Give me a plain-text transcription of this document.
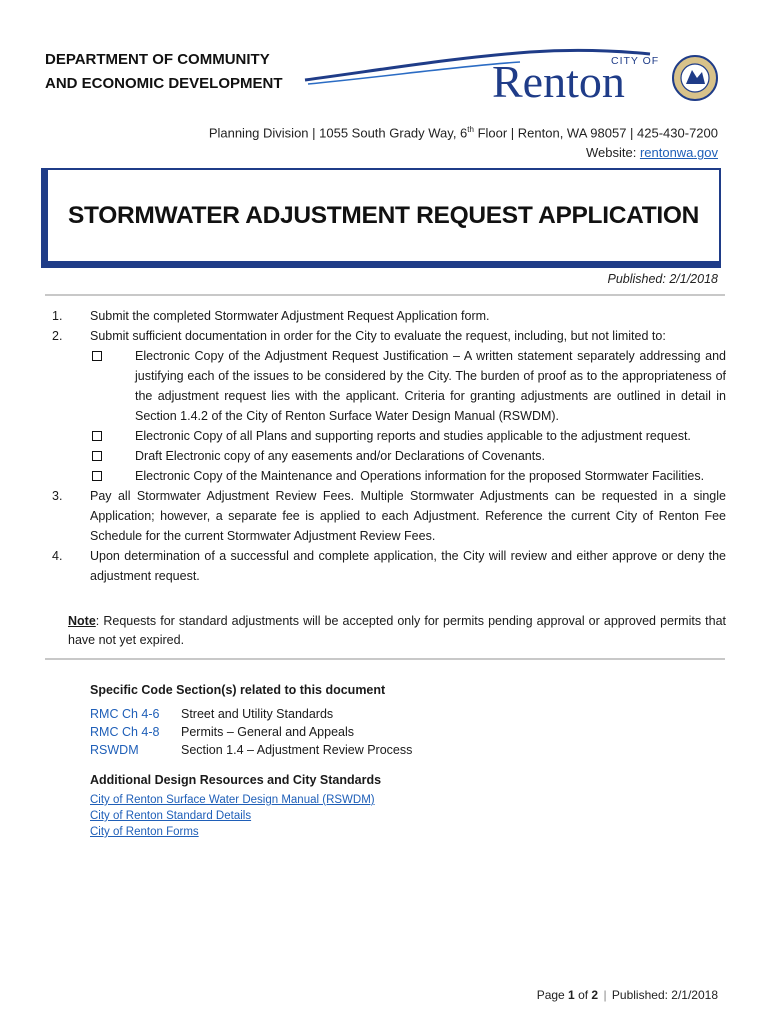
DEPARTMENT OF COMMUNITY
AND ECONOMIC DEVELOPMENT
CITY OF
Renton
Planning Division | 1055 South Grady Way, 6th Floor | Renton, WA 98057 | 425-430-7200
Website: rentonwa.gov
STORMWATER ADJUSTMENT REQUEST APPLICATION
Published: 2/1/2018
1.	Submit the completed Stormwater Adjustment Request Application form.
2.	Submit sufficient documentation in order for the City to evaluate the request, including, but not limited to:
Electronic Copy of the Adjustment Request Justification – A written statement separately addressing and justifying each of the issues to be considered by the City. The burden of proof as to the appropriateness of the adjustment request lies with the applicant. Criteria for granting adjustments are outlined in detail in Section 1.4.2 of the City of Renton Surface Water Design Manual (RSWDM).
Electronic Copy of all Plans and supporting reports and studies applicable to the adjustment request.
Draft Electronic copy of any easements and/or Declarations of Covenants.
Electronic Copy of the Maintenance and Operations information for the proposed Stormwater Facilities.
3.	Pay all Stormwater Adjustment Review Fees. Multiple Stormwater Adjustments can be requested in a single Application; however, a separate fee is applied to each Adjustment. Reference the current City of Renton Fee Schedule for the current Stormwater Adjustment Review Fees.
4.	Upon determination of a successful and complete application, the City will review and either approve or deny the adjustment request.
Note: Requests for standard adjustments will be accepted only for permits pending approval or approved permits that have not yet expired.
Specific Code Section(s) related to this document
RMC Ch 4-6	Street and Utility Standards
RMC Ch 4-8	Permits – General and Appeals
RSWDM	Section 1.4 – Adjustment Review Process
Additional Design Resources and City Standards
City of Renton Surface Water Design Manual (RSWDM)
City of Renton Standard Details
City of Renton Forms
Page 1 of 2 | Published: 2/1/2018
